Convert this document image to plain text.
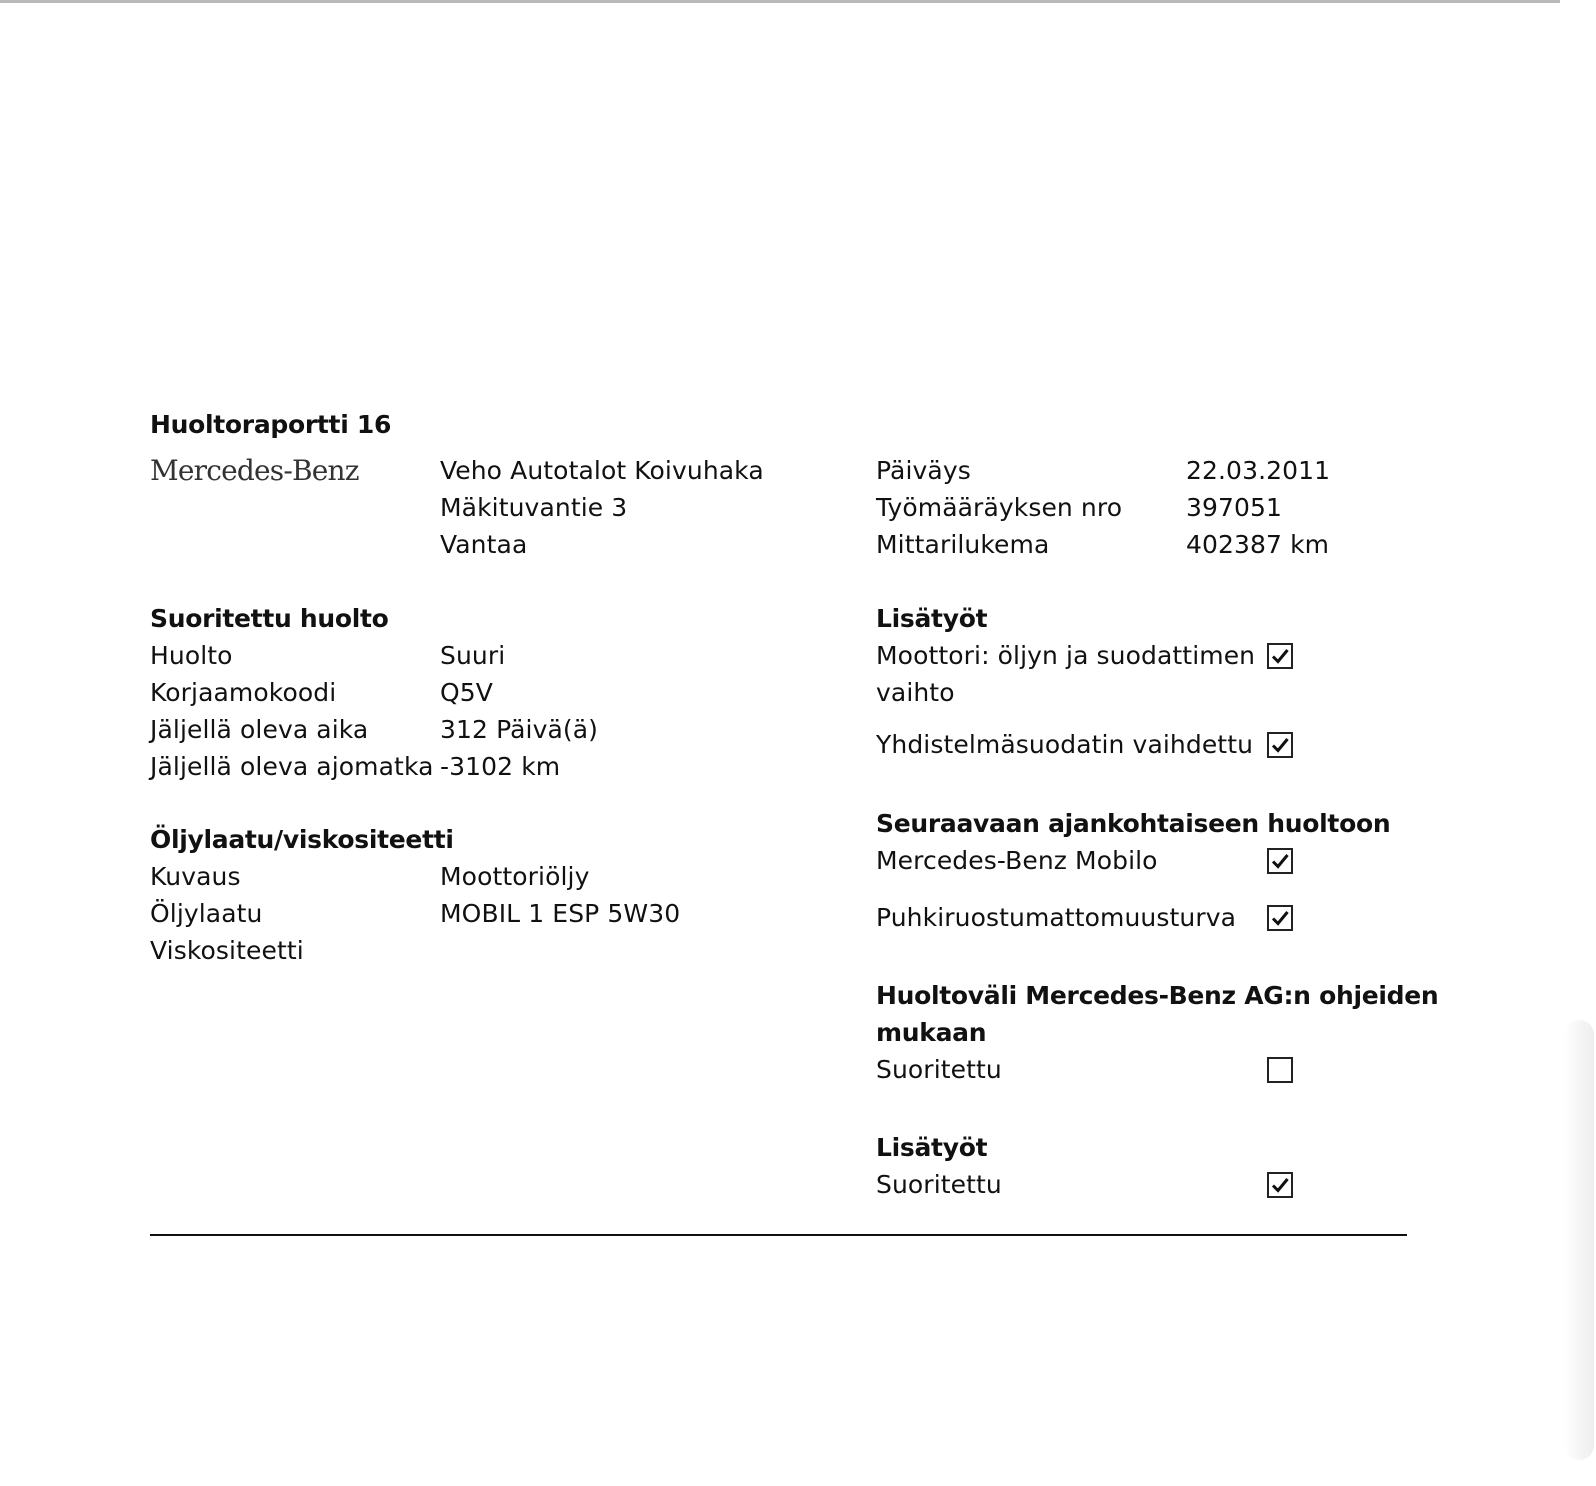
Huoltoraportti 16
Mercedes-Benz	Veho Autotalot Koivuhaka
Mäkituvantie 3
Vantaa
Päiväys	22.03.2011
Työmääräyksen nro	397051
Mittarilukema	402387 km
Suoritettu huolto
Huolto	Suuri
Korjaamokoodi	Q5V
Jäljellä oleva aika	312 Päivä(ä)
Jäljellä oleva ajomatka -3102 km
Öljylaatu/viskositeetti
Kuvaus	Moottoriöljy
Öljylaatu	MOBIL 1 ESP 5W30
Viskositeetti
Lisätyöt
Moottori: öljyn ja suodattimen
vaihto
Yhdistelmäsuodatin vaihdettu
Seuraavaan ajankohtaiseen huoltoon
Mercedes-Benz Mobilo
Puhkiruostumattomuusturva
Huoltoväli Mercedes-Benz AG:n ohjeiden
mukaan
Suoritettu
Lisätyöt
Suoritettu
